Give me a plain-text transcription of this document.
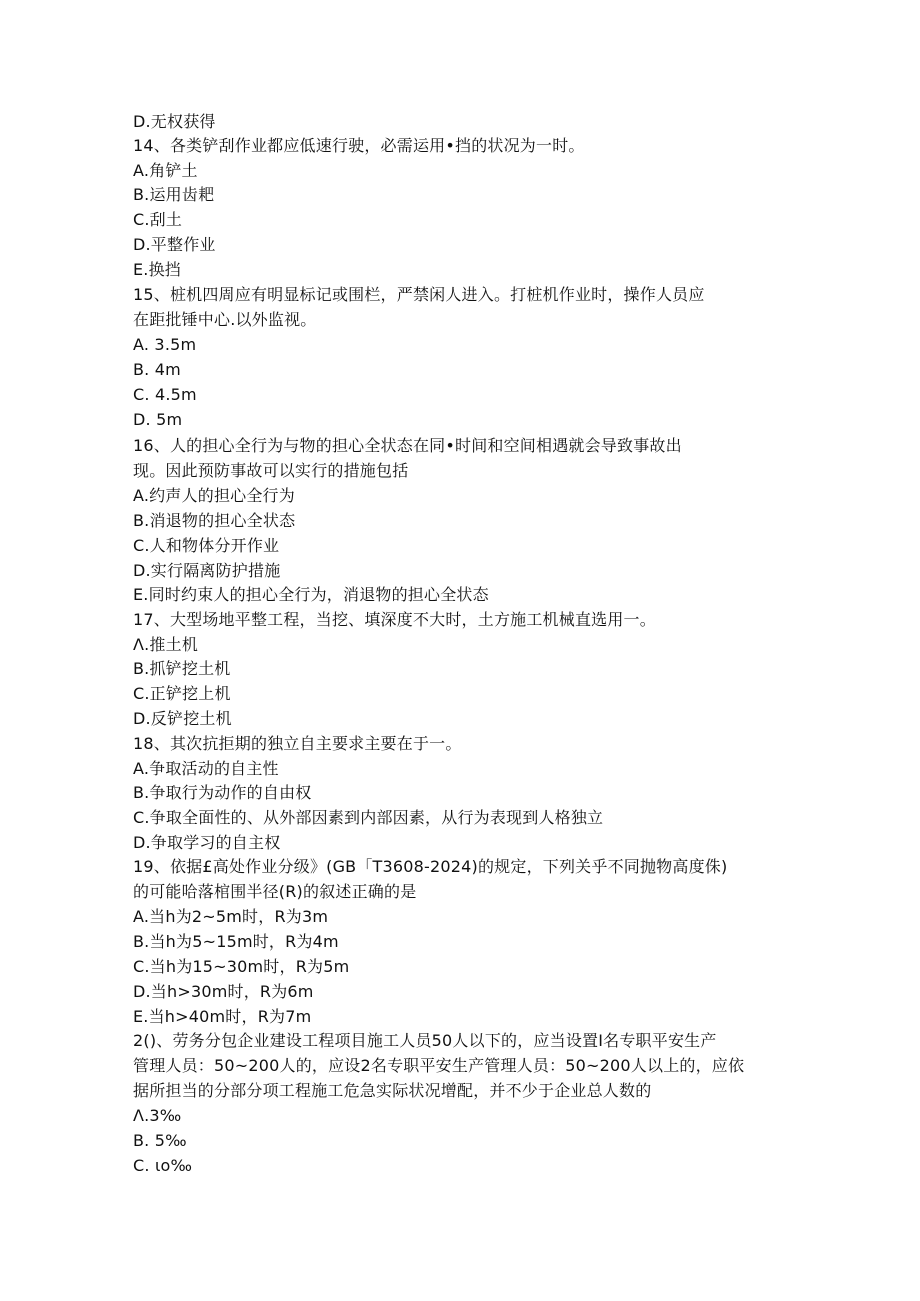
D.无权获得
14、各类铲刮作业都应低速行驶，必需运用•挡的状况为一时。
A.角铲土
B.运用齿耙
C.刮土
D.平整作业
E.换挡
15、桩机四周应有明显标记或围栏，严禁闲人进入。打桩机作业时，操作人员应
在距批锤中心.以外监视。
A. 3.5m
B. 4m
C. 4.5m
D. 5m
16、人的担心全行为与物的担心全状态在同•时间和空间相遇就会导致事故出
现。因此预防事故可以实行的措施包括
A.约声人的担心全行为
B.消退物的担心全状态
C.人和物体分开作业
D.实行隔离防护措施
E.同时约束人的担心全行为，消退物的担心全状态
17、大型场地平整工程，当挖、填深度不大时，土方施工机械直选用一。
Λ.推土机
B.抓铲挖土机
C.正铲挖上机
D.反铲挖土机
18、其次抗拒期的独立自主要求主要在于一。
A.争取活动的自主性
B.争取行为动作的自由权
C.争取全面性的、从外部因素到内部因素，从行为表现到人格独立
D.争取学习的自主权
19、依据£高处作业分级》(GB「T3608-2024)的规定，下列关乎不同抛物高度侏)
的可能哈落棺围半径(R)的叙述正确的是
A.当h为2~5m时，R为3m
B.当h为5~15m时，R为4m
C.当h为15~30m时，R为5m
D.当h>30m时，R为6m
E.当h>40m时，R为7m
2()、劳务分包企业建设工程项目施工人员50人以下的，应当设置I名专职平安生产
管理人员：50~200人的，应设2名专职平安生产管理人员：50~200人以上的，应依
据所担当的分部分项工程施工危急实际状况增配，并不少于企业总人数的
Λ.3‰
B. 5‰
C. ιo‰
